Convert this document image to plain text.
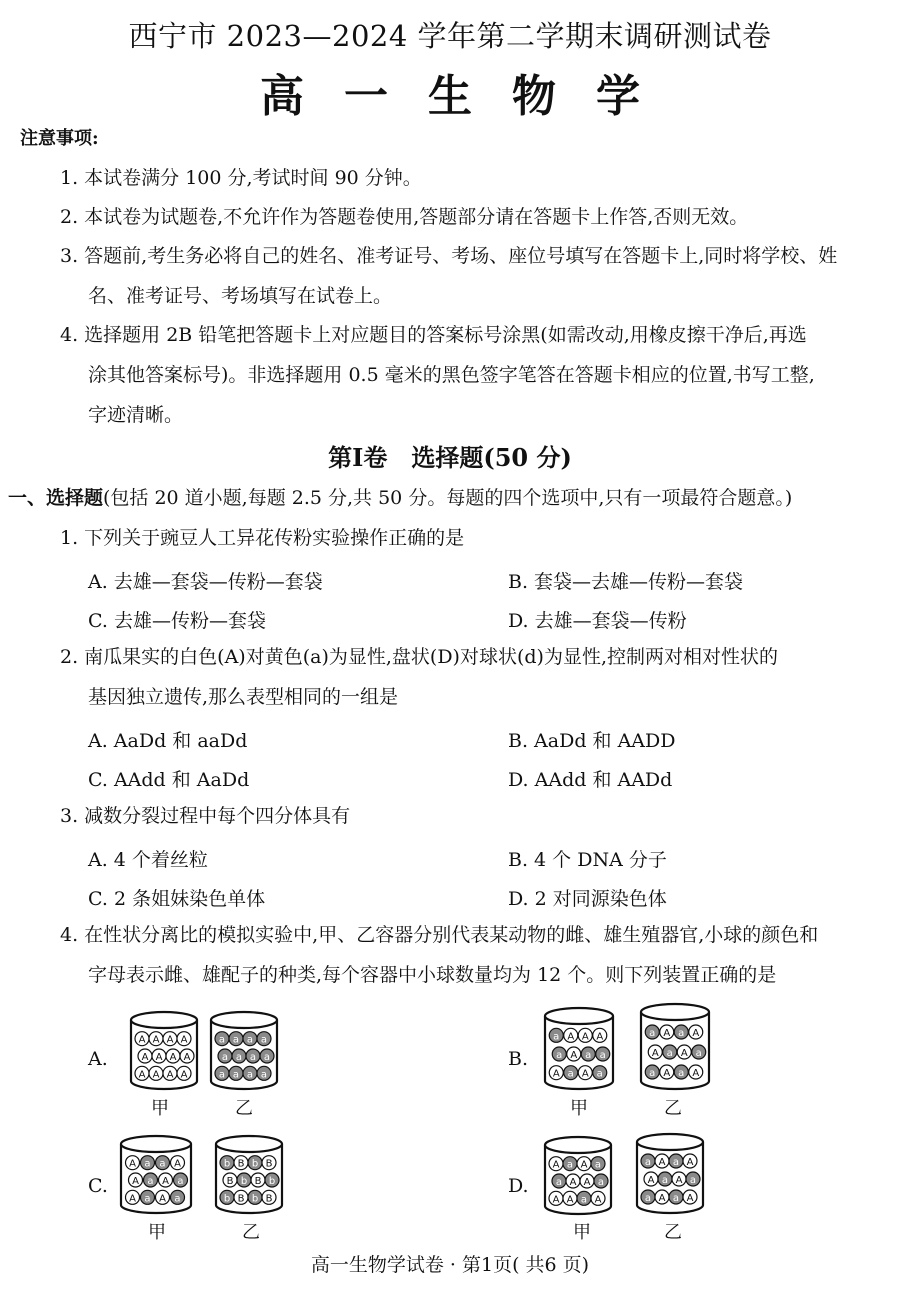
西宁市 2023—2024 学年第二学期末调研测试卷
高一生物学
注意事项:
1. 本试卷满分 100 分,考试时间 90 分钟。
2. 本试卷为试题卷,不允许作为答题卷使用,答题部分请在答题卡上作答,否则无效。
3. 答题前,考生务必将自己的姓名、准考证号、考场、座位号填写在答题卡上,同时将学校、姓
名、准考证号、考场填写在试卷上。
4. 选择题用 2B 铅笔把答题卡上对应题目的答案标号涂黑(如需改动,用橡皮擦干净后,再选
涂其他答案标号)。非选择题用 0.5 毫米的黑色签字笔答在答题卡相应的位置,书写工整,
字迹清晰。
第Ⅰ卷　选择题(50 分)
一、选择题(包括 20 道小题,每题 2.5 分,共 50 分。每题的四个选项中,只有一项最符合题意。)
1. 下列关于豌豆人工异花传粉实验操作正确的是
A. 去雄—套袋—传粉—套袋	B. 套袋—去雄—传粉—套袋
C. 去雄—传粉—套袋	D. 去雄—套袋—传粉
2. 南瓜果实的白色(A)对黄色(a)为显性,盘状(D)对球状(d)为显性,控制两对相对性状的
基因独立遗传,那么表型相同的一组是
A. AaDd 和 aaDd	B. AaDd 和 AADD
C. AAdd 和 AaDd	D. AAdd 和 AADd
3. 减数分裂过程中每个四分体具有
A. 4 个着丝粒	B. 4 个 DNA 分子
C. 2 条姐妹染色单体	D. 2 对同源染色体
4. 在性状分离比的模拟实验中,甲、乙容器分别代表某动物的雌、雄生殖器官,小球的颜色和
字母表示雌、雄配子的种类,每个容器中小球数量均为 12 个。则下列装置正确的是
A.	B.
C.	D.
甲	乙	甲	乙
甲	乙	甲	乙
A A A A
A A A A
A A A A
a a a a
a a a a
a a a a
a A A A
a A a a
A a A a
a A a A
A a A a
a A a A
A a a A
A a A a
A a A a
b B b B
B b B b
b B b B
A a A a
a A A a
A A a A
a A a A
A a A a
a A a A
高一生物学试卷 · 第1页( 共6 页)
